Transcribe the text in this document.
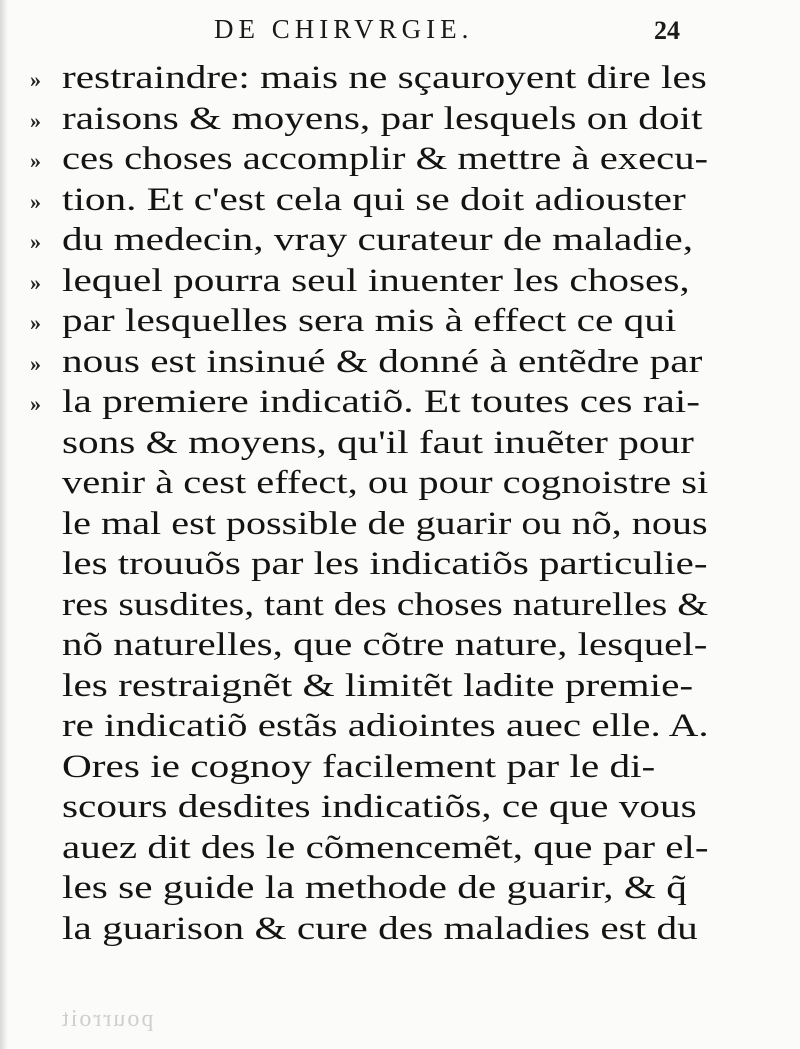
DE CHIRVRGIE.	24
» restraindre: mais ne sçauroyent dire les
» raisons & moyens, par lesquels on doit
» ces choses accomplir & mettre à execu-
» tion. Et c'est cela qui se doit adiouster
» du medecin, vray curateur de maladie,
» lequel pourra seul inuenter les choses,
» par lesquelles sera mis à effect ce qui
» nous est insinué & donné à entẽdre par
» la premiere indicatiõ. Et toutes ces rai-
sons & moyens, qu'il faut inuẽter pour
venir à cest effect, ou pour cognoistre si
le mal est possible de guarir ou nõ, nous
les trouuõs par les indicatiõs particulie-
res susdites, tant des choses naturelles &
nõ naturelles, que cõtre nature, lesquel-
les restraignẽt & limitẽt ladite premie-
re indicatiõ estãs adiointes auec elle. A.
Ores ie cognoy facilement par le di-
scours desdites indicatiõs, ce que vous
auez dit des le cõmencemẽt, que par el-
les se guide la methode de guarir, & q̃
la guarison & cure des maladies est du
pourroit
